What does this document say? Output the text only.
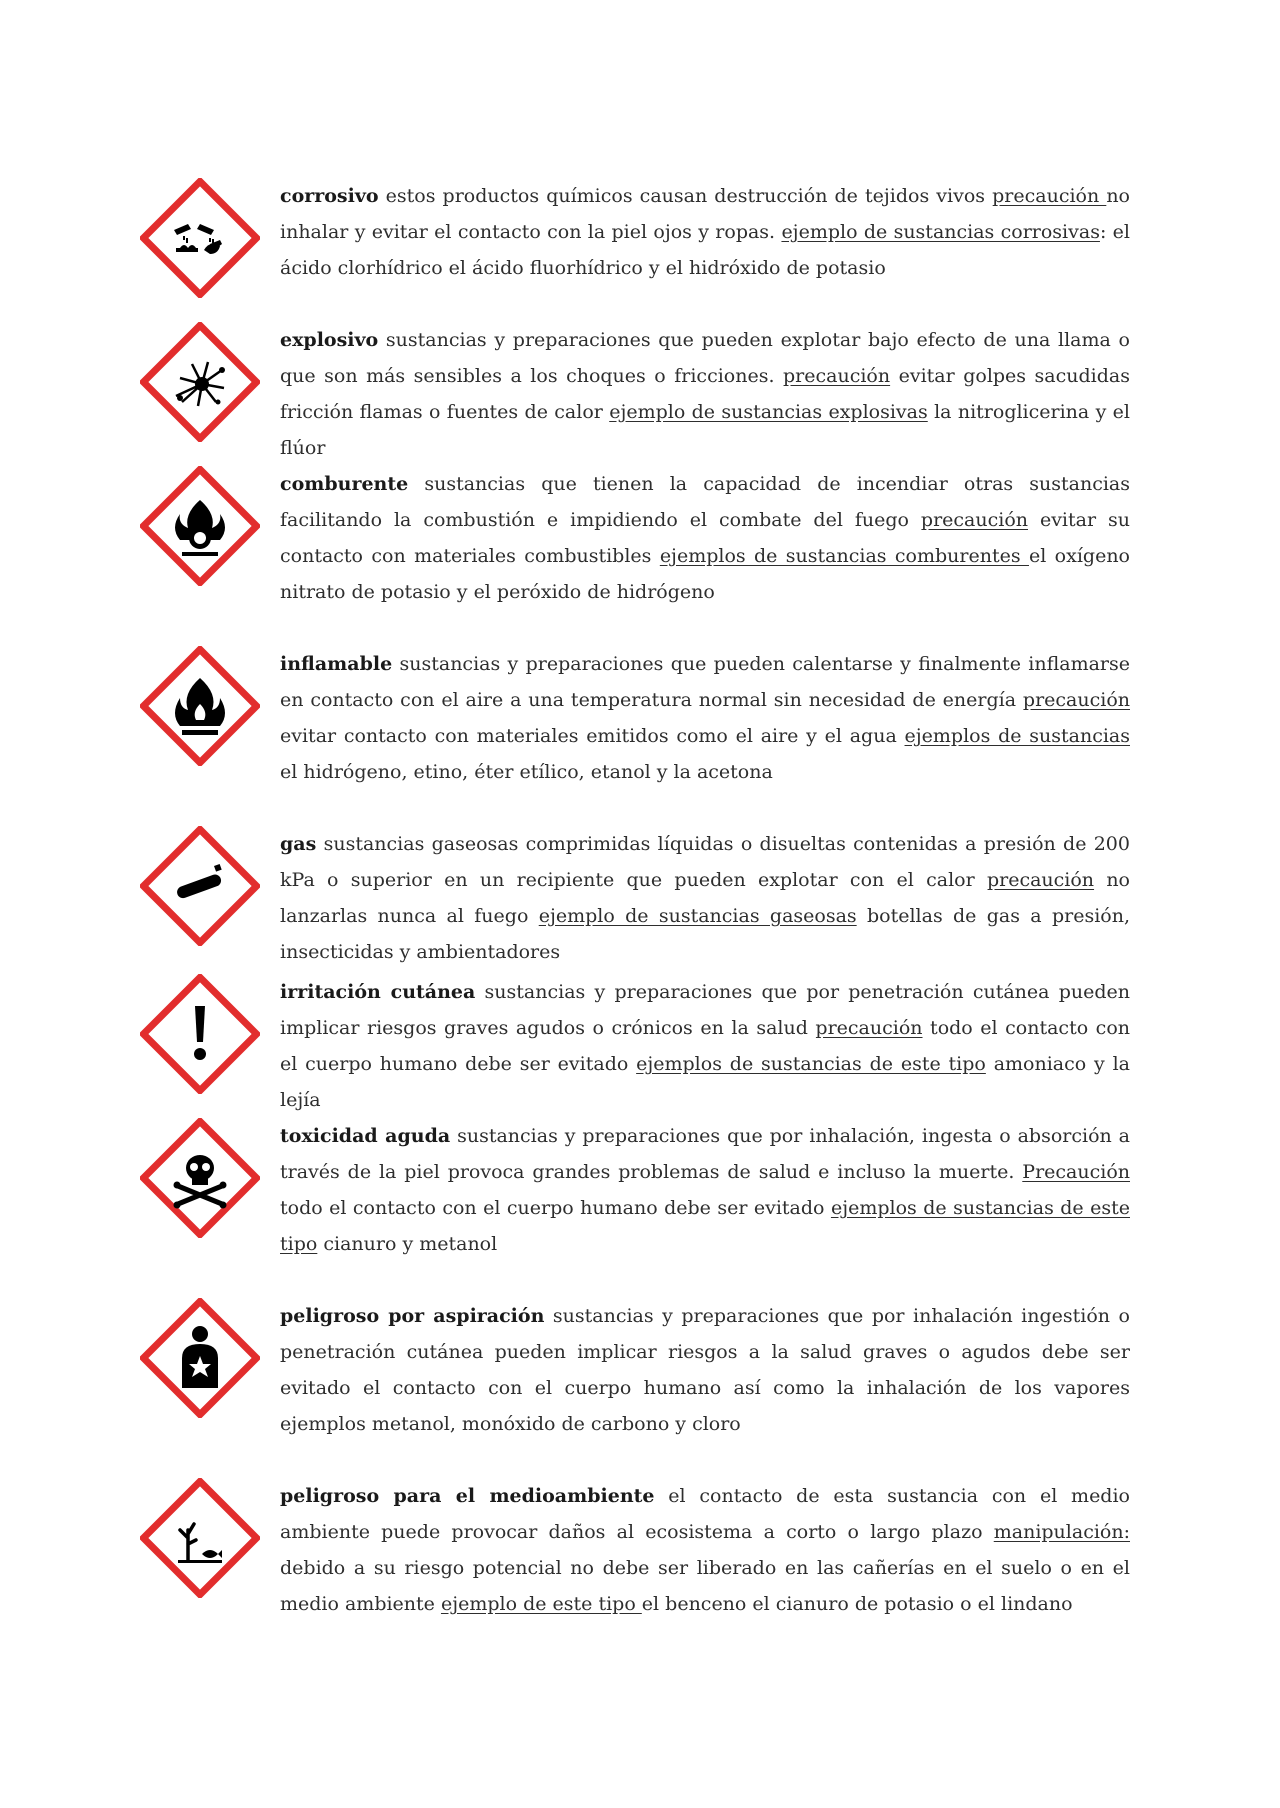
corrosivo estos productos químicos causan destrucción de tejidos vivos precaución no inhalar y evitar el contacto con la piel ojos y ropas. ejemplo de sustancias corrosivas: el ácido clorhídrico el ácido fluorhídrico y el hidróxido de potasio
explosivo sustancias y preparaciones que pueden explotar bajo efecto de una llama o que son más sensibles a los choques o fricciones. precaución evitar golpes sacudidas fricción flamas o fuentes de calor ejemplo de sustancias explosivas la nitroglicerina y el flúor
comburente sustancias que tienen la capacidad de incendiar otras sustancias facilitando la combustión e impidiendo el combate del fuego precaución evitar su contacto con materiales combustibles ejemplos de sustancias comburentes el oxígeno nitrato de potasio y el peróxido de hidrógeno
inflamable sustancias y preparaciones que pueden calentarse y finalmente inflamarse en contacto con el aire a una temperatura normal sin necesidad de energía precaución evitar contacto con materiales emitidos como el aire y el agua ejemplos de sustancias el hidrógeno, etino, éter etílico, etanol y la acetona
gas sustancias gaseosas comprimidas líquidas o disueltas contenidas a presión de 200 kPa o superior en un recipiente que pueden explotar con el calor precaución no lanzarlas nunca al fuego ejemplo de sustancias gaseosas botellas de gas a presión, insecticidas y ambientadores
irritación cutánea sustancias y preparaciones que por penetración cutánea pueden implicar riesgos graves agudos o crónicos en la salud precaución todo el contacto con el cuerpo humano debe ser evitado ejemplos de sustancias de este tipo amoniaco y la lejía
toxicidad aguda sustancias y preparaciones que por inhalación, ingesta o absorción a través de la piel provoca grandes problemas de salud e incluso la muerte. Precaución todo el contacto con el cuerpo humano debe ser evitado ejemplos de sustancias de este tipo cianuro y metanol
peligroso por aspiración sustancias y preparaciones que por inhalación ingestión o penetración cutánea pueden implicar riesgos a la salud graves o agudos debe ser evitado el contacto con el cuerpo humano así como la inhalación de los vapores ejemplos metanol, monóxido de carbono y cloro
peligroso para el medioambiente el contacto de esta sustancia con el medio ambiente puede provocar daños al ecosistema a corto o largo plazo manipulación: debido a su riesgo potencial no debe ser liberado en las cañerías en el suelo o en el medio ambiente ejemplo de este tipo el benceno el cianuro de potasio o el lindano
